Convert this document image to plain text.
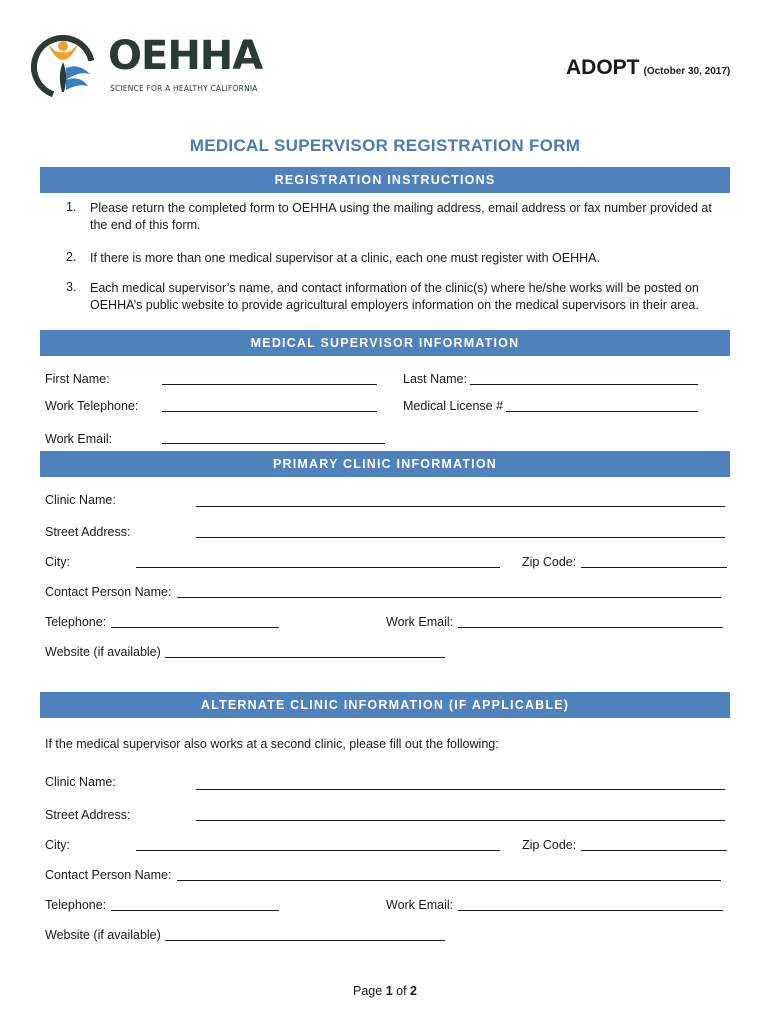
OEHHA
SCIENCE FOR A HEALTHY CALIFORNIA
ADOPT (October 30, 2017)
MEDICAL SUPERVISOR REGISTRATION FORM
REGISTRATION INSTRUCTIONS
1. Please return the completed form to OEHHA using the mailing address, email address or fax number provided at the end of this form.
2. If there is more than one medical supervisor at a clinic, each one must register with OEHHA.
3. Each medical supervisor’s name, and contact information of the clinic(s) where he/she works will be posted on OEHHA’s public website to provide agricultural employers information on the medical supervisors in their area.
MEDICAL SUPERVISOR INFORMATION
First Name:	Last Name:
Work Telephone:	Medical License #
Work Email:
PRIMARY CLINIC INFORMATION
Clinic Name:
Street Address:
City:	Zip Code:
Contact Person Name:
Telephone:	Work Email:
Website (if available)
ALTERNATE CLINIC INFORMATION (IF APPLICABLE)
If the medical supervisor also works at a second clinic, please fill out the following:
Clinic Name:
Street Address:
City:	Zip Code:
Contact Person Name:
Telephone:	Work Email:
Website (if available)
Page 1 of 2
